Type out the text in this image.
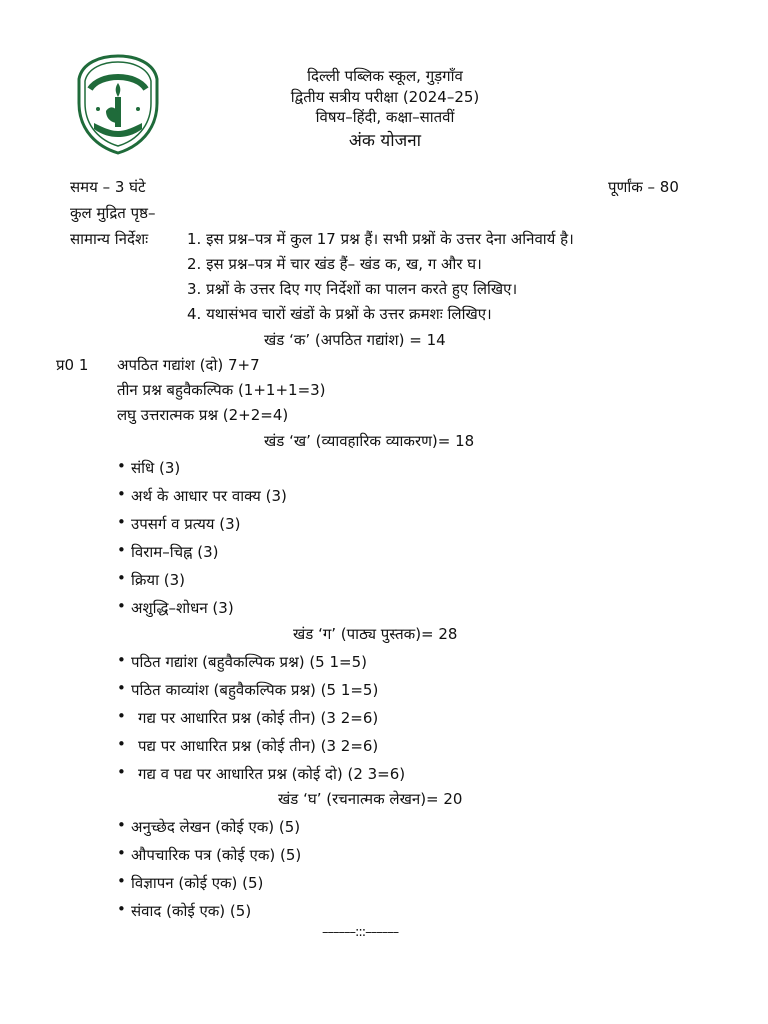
दिल्ली पब्लिक स्कूल, गुड़गाँव
द्वितीय सत्रीय परीक्षा (2024–25)
विषय–हिंदी, कक्षा–सातवीं
अंक योजना
समय – 3 घंटे	पूर्णांक – 80
कुल मुद्रित पृष्ठ–
सामान्य निर्देशः	1. इस प्रश्न–पत्र में कुल 17 प्रश्न हैं। सभी प्रश्नों के उत्तर देना अनिवार्य है।
2. इस प्रश्न–पत्र में चार खंड हैं– खंड क, ख, ग और घ।
3. प्रश्नों के उत्तर दिए गए निर्देशों का पालन करते हुए लिखिए।
4. यथासंभव चारों खंडों के प्रश्नों के उत्तर क्रमशः लिखिए।
खंड ‘क’ (अपठित गद्यांश) = 14
प्र0 1 अपठित गद्यांश (दो) 7+7
तीन प्रश्न बहुवैकल्पिक (1+1+1=3)
लघु उत्तरात्मक प्रश्न (2+2=4)
खंड ‘ख’ (व्यावहारिक व्याकरण)= 18
• संधि (3)
• अर्थ के आधार पर वाक्य (3)
• उपसर्ग व प्रत्यय (3)
• विराम–चिह्न (3)
• क्रिया (3)
• अशुद्धि–शोधन (3)
खंड ‘ग’ (पाठ्य पुस्तक)= 28
• पठित गद्यांश (बहुवैकल्पिक प्रश्न) (5 1=5)
• पठित काव्यांश (बहुवैकल्पिक प्रश्न) (5 1=5)
• गद्य पर आधारित प्रश्न (कोई तीन) (3 2=6)
• पद्य पर आधारित प्रश्न (कोई तीन) (3 2=6)
• गद्य व पद्य पर आधारित प्रश्न (कोई दो) (2 3=6)
खंड ‘घ’ (रचनात्मक लेखन)= 20
• अनुच्छेद लेखन (कोई एक) (5)
• औपचारिक पत्र (कोई एक) (5)
• विज्ञापन (कोई एक) (5)
• संवाद (कोई एक) (5)
––––––:::––––––
